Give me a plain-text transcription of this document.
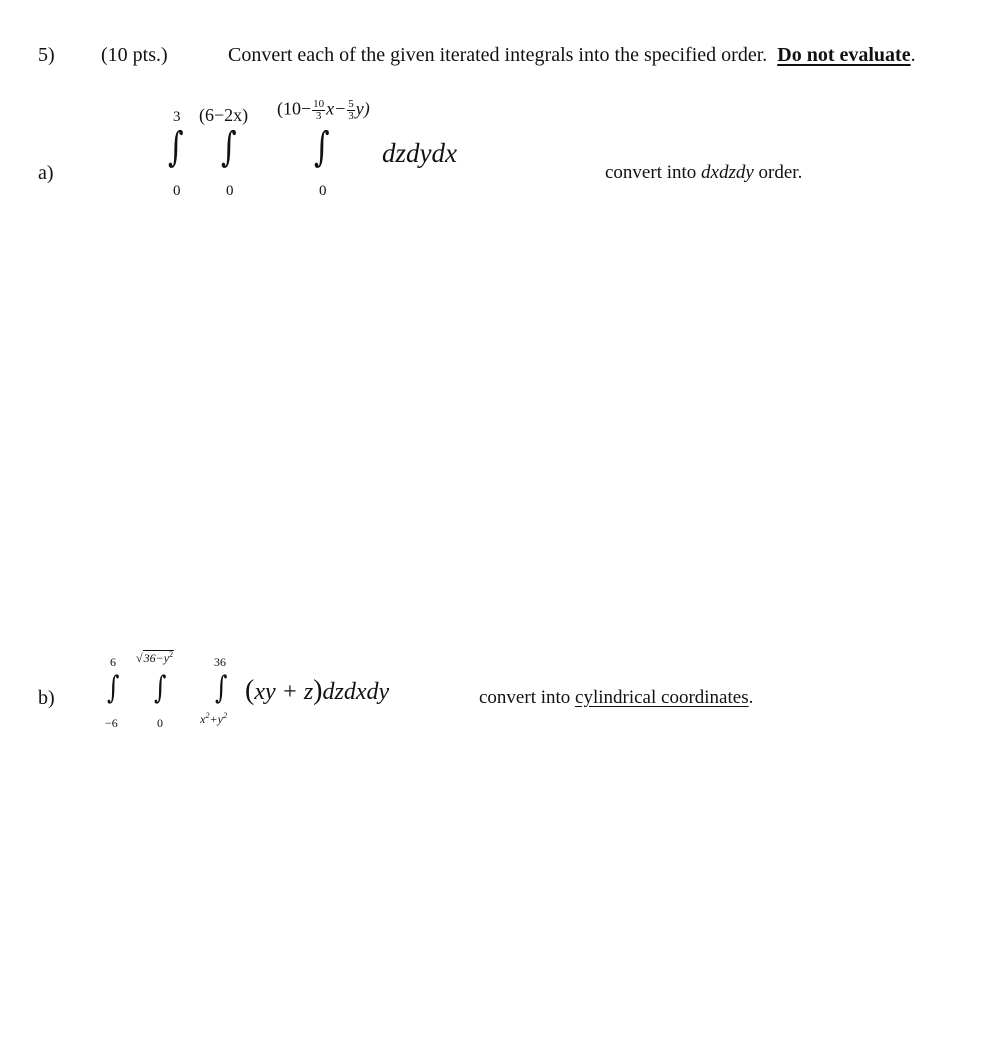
5) (10 pts.)	Convert each of the given iterated integrals into the specified order. Do not evaluate.
a)
3
∫
0
(6−2x)
∫
0
$(10- \frac{10}{3} x- \frac{5}{3} y)$
∫
0
dzdydx
convert into dxdzdy order.
b)
6
∫
−6
$√36-y^2$
∫
0
36
∫
$x^2+y^2$
(xy + z)dzdxdy	convert into cylindrical coordinates.
